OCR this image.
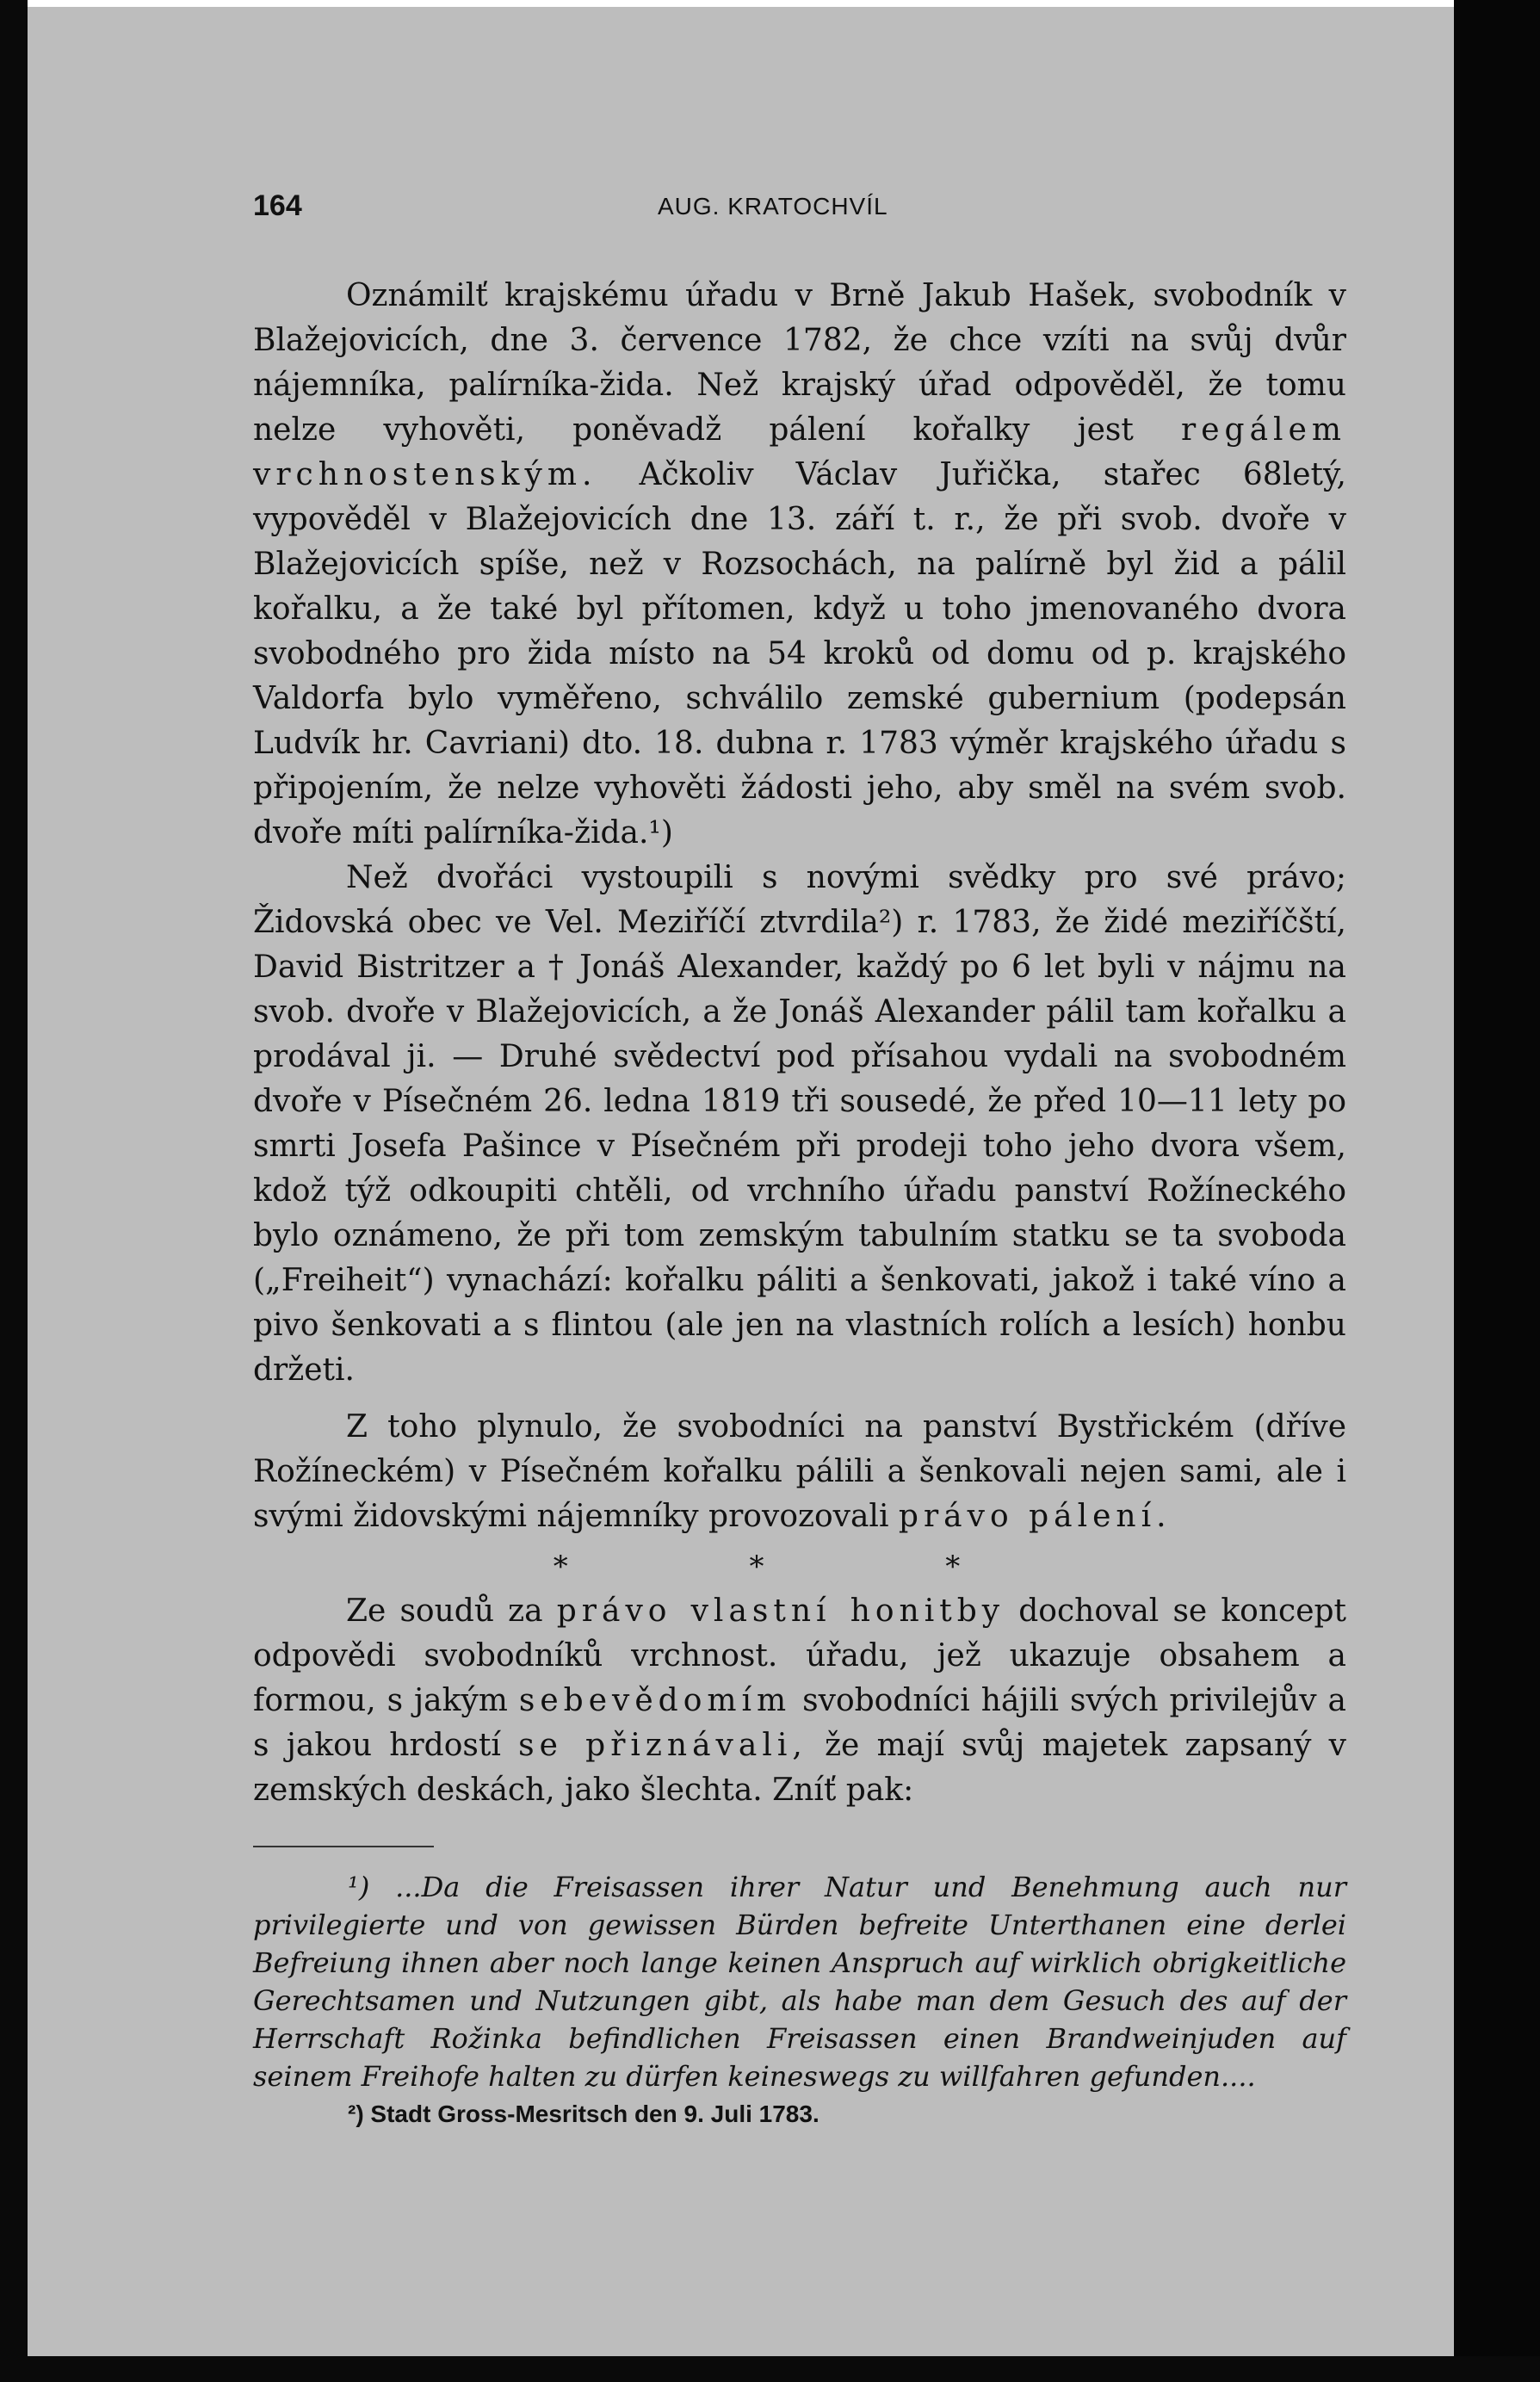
164	AUG. KRATOCHVÍL

Oznámilť krajskému úřadu v Brně Jakub Hašek, svobodník v Blažejovicích, dne 3. července 1782, že chce vzíti na svůj dvůr nájemníka, palírníka-žida. Než krajský úřad odpověděl, že tomu nelze vyhověti, poněvadž pálení kořalky jest regálem vrchnostenským. Ačkoliv Václav Juřička, stařec 68letý, vypověděl v Blažejovicích dne 13. září t. r., že při svob. dvoře v Blažejovicích spíše, než v Rozsochách, na palírně byl žid a pálil kořalku, a že také byl přítomen, když u toho jmenovaného dvora svobodného pro žida místo na 54 kroků od domu od p. krajského Valdorfa bylo vyměřeno, schválilo zemské gubernium (podepsán Ludvík hr. Cavriani) dto. 18. dubna r. 1783 výměr krajského úřadu s připojením, že nelze vyhověti žádosti jeho, aby směl na svém svob. dvoře míti palírníka-žida.¹)

Než dvořáci vystoupili s novými svědky pro své právo; Židovská obec ve Vel. Meziříčí ztvrdila²) r. 1783, že židé meziříčští, David Bistritzer a † Jonáš Alexander, každý po 6 let byli v nájmu na svob. dvoře v Blažejovicích, a že Jonáš Alexander pálil tam kořalku a prodával ji. — Druhé svědectví pod přísahou vydali na svobodném dvoře v Písečném 26. ledna 1819 tři sousedé, že před 10—11 lety po smrti Josefa Pašince v Písečném při prodeji toho jeho dvora všem, kdož týž odkoupiti chtěli, od vrchního úřadu panství Rožíneckého bylo oznámeno, že při tom zemským tabulním statku se ta svoboda („Freiheit“) vynachází: kořalku páliti a šenkovati, jakož i také víno a pivo šenkovati a s flintou (ale jen na vlastních rolích a lesích) honbu držeti.

Z toho plynulo, že svobodníci na panství Bystřickém (dříve Rožíneckém) v Písečném kořalku pálili a šenkovali nejen sami, ale i svými židovskými nájemníky provozovali právo pálení.

* * *

Ze soudů za právo vlastní honitby dochoval se koncept odpovědi svobodníků vrchnost. úřadu, jež ukazuje obsahem a formou, s jakým sebevědomím svobodníci hájili svých privilejův a s jakou hrdostí se přiznávali, že mají svůj majetek zapsaný v zemských deskách, jako šlechta. Zníť pak:

¹) ...Da die Freisassen ihrer Natur und Benehmung auch nur privilegierte und von gewissen Bürden befreite Unterthanen eine derlei Befreiung ihnen aber noch lange keinen Anspruch auf wirklich obrigkeitliche Gerechtsamen und Nutzungen gibt, als habe man dem Gesuch des auf der Herrschaft Rožinka befindlichen Freisassen einen Brandweinjuden auf seinem Freihofe halten zu dürfen keineswegs zu willfahren gefunden....

²) Stadt Gross-Mesritsch den 9. Juli 1783.
